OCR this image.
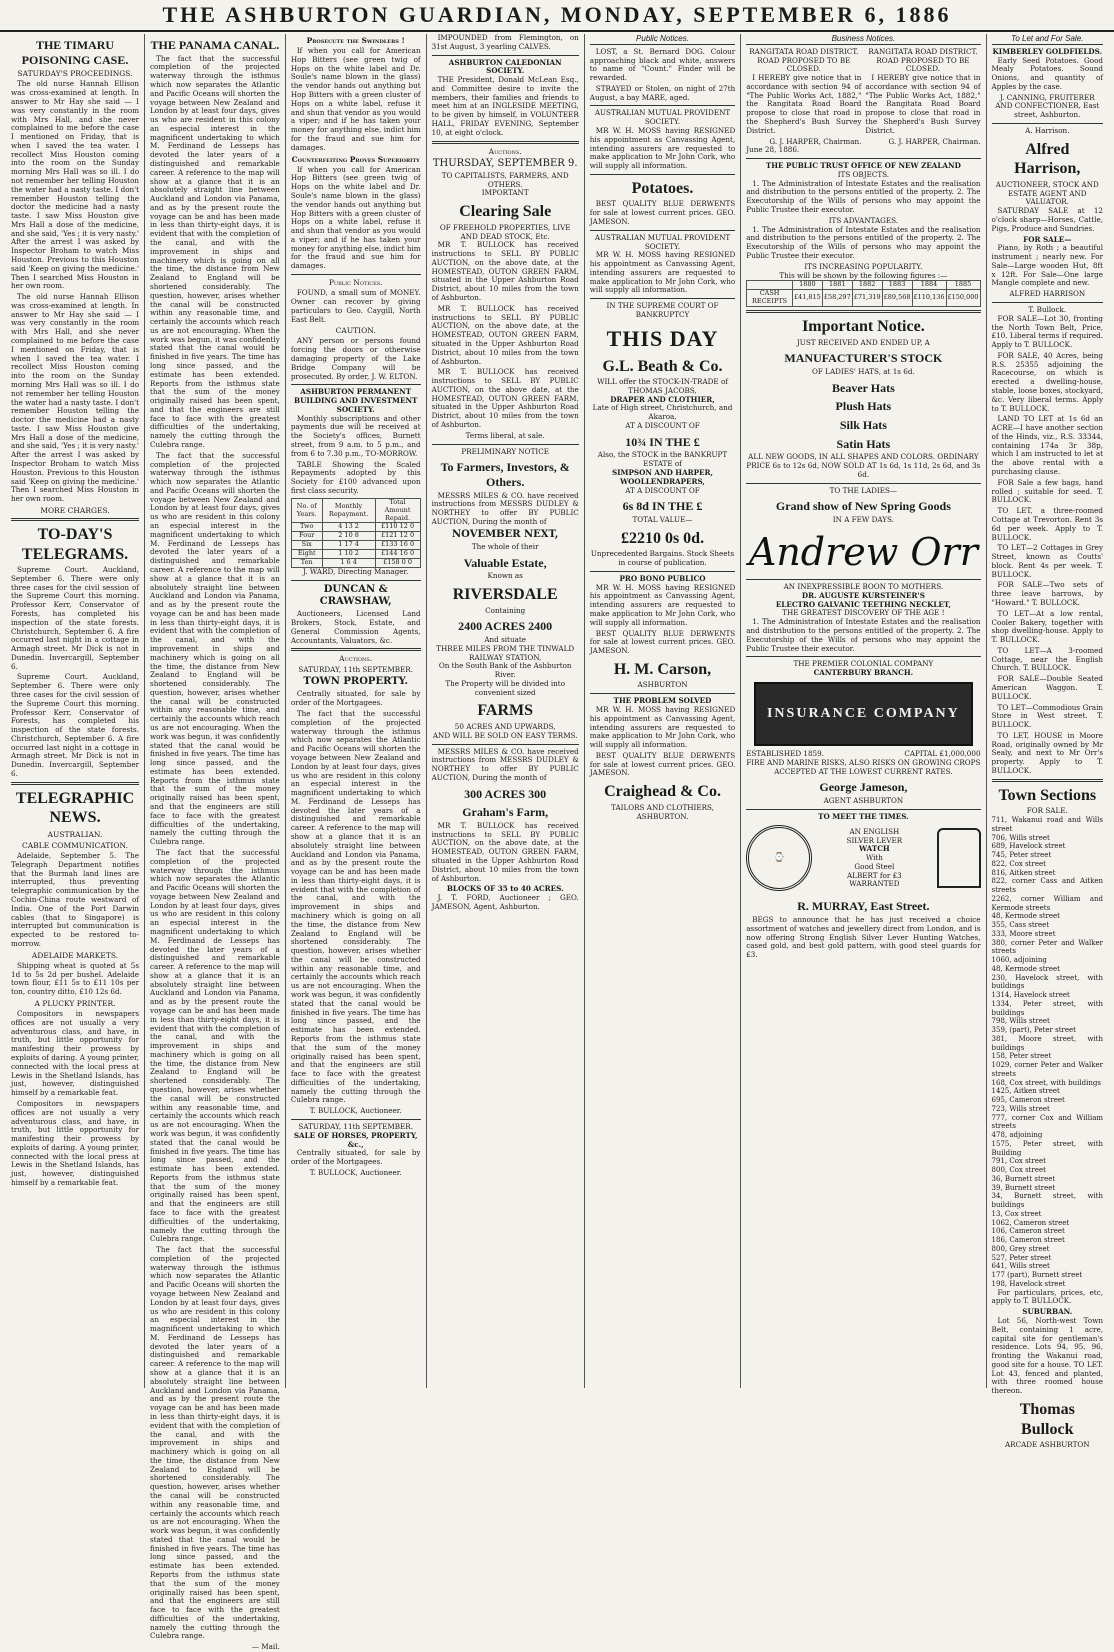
THE ASHBURTON GUARDIAN, MONDAY, SEPTEMBER 6, 1886
THE TIMARU POISONING CASE.
SATURDAY'S PROCEEDINGS.

The old nurse Hannah Ellison was cross-examined at length. In answer to Mr Hay she said — I was very constantly in the room with Mrs Hall, and she never complained to me before the case I mentioned on Friday, that is when I saved the tea water. I recollect Miss Houston coming into the room on the Sunday morning Mrs Hall was so ill. I do not remember her telling Houston the water had a nasty taste. I don't remember Houston telling the doctor the medicine had a nasty taste. I saw Miss Houston give Mrs Hall a dose of the medicine, and she said, 'Yes ; it is very nasty.' After the arrest I was asked by Inspector Broham to watch Miss Houston. Previous to this Houston said 'Keep on giving the medicine.' Then I searched Miss Houston in her own room.

The old nurse Hannah Ellison was cross-examined at length. In answer to Mr Hay she said — I was very constantly in the room with Mrs Hall, and she never complained to me before the case I mentioned on Friday, that is when I saved the tea water. I recollect Miss Houston coming into the room on the Sunday morning Mrs Hall was so ill. I do not remember her telling Houston the water had a nasty taste. I don't remember Houston telling the doctor the medicine had a nasty taste. I saw Miss Houston give Mrs Hall a dose of the medicine, and she said, 'Yes ; it is very nasty.' After the arrest I was asked by Inspector Broham to watch Miss Houston. Previous to this Houston said 'Keep on giving the medicine.' Then I searched Miss Houston in her own room.

MORE CHARGES.
TO-DAY'S TELEGRAMS.

Supreme Court. Auckland, September 6. There were only three cases for the civil session of the Supreme Court this morning. Professor Kerr, Conservator of Forests, has completed his inspection of the state forests. Christchurch, September 6. A fire occurred last night in a cottage in Armagh street. Mr Dick is not in Dunedin. Invercargill, September 6.

Supreme Court. Auckland, September 6. There were only three cases for the civil session of the Supreme Court this morning. Professor Kerr, Conservator of Forests, has completed his inspection of the state forests. Christchurch, September 6. A fire occurred last night in a cottage in Armagh street. Mr Dick is not in Dunedin. Invercargill, September 6.

TELEGRAPHIC NEWS.
AUSTRALIAN.
CABLE COMMUNICATION.

Adelaide, September 5. The Telegraph Department notifies that the Burmah land lines are interrupted, thus preventing telegraphic communication by the Cochin-China route westward of India. One of the Port Darwin cables (that to Singapore) is interrupted but communication is expected to be restored to-morrow.

ADELAIDE MARKETS.

Shipping wheat is quoted at 5s 1d to 5s 2d per bushel. Adelaide town flour, £11 5s to £11 10s per ton, country ditto, £10 12s 6d.

A PLUCKY PRINTER.

Compositors in newspapers offices are not usually a very adventurous class, and have, in truth, but little opportunity for manifesting their prowess by exploits of daring. A young printer, connected with the local press at Lewis in the Shetland Islands, has just, however, distinguished himself by a remarkable feat.

Compositors in newspapers offices are not usually a very adventurous class, and have, in truth, but little opportunity for manifesting their prowess by exploits of daring. A young printer, connected with the local press at Lewis in the Shetland Islands, has just, however, distinguished himself by a remarkable feat.

THE PANAMA CANAL.

The fact that the successful completion of the projected waterway through the isthmus which now separates the Atlantic and Pacific Oceans will shorten the voyage between New Zealand and London by at least four days, gives us who are resident in this colony an especial interest in the magnificent undertaking to which M. Ferdinand de Lesseps has devoted the later years of a distinguished and remarkable career. A reference to the map will show at a glance that it is an absolutely straight line between Auckland and London via Panama, and as by the present route the voyage can be and has been made in less than thirty-eight days, it is evident that with the completion of the canal, and with the improvement in ships and machinery which is going on all the time, the distance from New Zealand to England will be shortened considerably. The question, however, arises whether the canal will be constructed within any reasonable time, and certainly the accounts which reach us are not encouraging. When the work was begun, it was confidently stated that the canal would be finished in five years. The time has long since passed, and the estimate has been extended. Reports from the isthmus state that the sum of the money originally raised has been spent, and that the engineers are still face to face with the greatest difficulties of the undertaking, namely the cutting through the Culebra range.

The fact that the successful completion of the projected waterway through the isthmus which now separates the Atlantic and Pacific Oceans will shorten the voyage between New Zealand and London by at least four days, gives us who are resident in this colony an especial interest in the magnificent undertaking to which M. Ferdinand de Lesseps has devoted the later years of a distinguished and remarkable career. A reference to the map will show at a glance that it is an absolutely straight line between Auckland and London via Panama, and as by the present route the voyage can be and has been made in less than thirty-eight days, it is evident that with the completion of the canal, and with the improvement in ships and machinery which is going on all the time, the distance from New Zealand to England will be shortened considerably. The question, however, arises whether the canal will be constructed within any reasonable time, and certainly the accounts which reach us are not encouraging. When the work was begun, it was confidently stated that the canal would be finished in five years. The time has long since passed, and the estimate has been extended. Reports from the isthmus state that the sum of the money originally raised has been spent, and that the engineers are still face to face with the greatest difficulties of the undertaking, namely the cutting through the Culebra range.

The fact that the successful completion of the projected waterway through the isthmus which now separates the Atlantic and Pacific Oceans will shorten the voyage between New Zealand and London by at least four days, gives us who are resident in this colony an especial interest in the magnificent undertaking to which M. Ferdinand de Lesseps has devoted the later years of a distinguished and remarkable career. A reference to the map will show at a glance that it is an absolutely straight line between Auckland and London via Panama, and as by the present route the voyage can be and has been made in less than thirty-eight days, it is evident that with the completion of the canal, and with the improvement in ships and machinery which is going on all the time, the distance from New Zealand to England will be shortened considerably. The question, however, arises whether the canal will be constructed within any reasonable time, and certainly the accounts which reach us are not encouraging. When the work was begun, it was confidently stated that the canal would be finished in five years. The time has long since passed, and the estimate has been extended. Reports from the isthmus state that the sum of the money originally raised has been spent, and that the engineers are still face to face with the greatest difficulties of the undertaking, namely the cutting through the Culebra range.

The fact that the successful completion of the projected waterway through the isthmus which now separates the Atlantic and Pacific Oceans will shorten the voyage between New Zealand and London by at least four days, gives us who are resident in this colony an especial interest in the magnificent undertaking to which M. Ferdinand de Lesseps has devoted the later years of a distinguished and remarkable career. A reference to the map will show at a glance that it is an absolutely straight line between Auckland and London via Panama, and as by the present route the voyage can be and has been made in less than thirty-eight days, it is evident that with the completion of the canal, and with the improvement in ships and machinery which is going on all the time, the distance from New Zealand to England will be shortened considerably. The question, however, arises whether the canal will be constructed within any reasonable time, and certainly the accounts which reach us are not encouraging. When the work was begun, it was confidently stated that the canal would be finished in five years. The time has long since passed, and the estimate has been extended. Reports from the isthmus state that the sum of the money originally raised has been spent, and that the engineers are still face to face with the greatest difficulties of the undertaking, namely the cutting through the Culebra range.

— Mail.
Prosecute the Swindlers !

If when you call for American Hop Bitters (see green twig of Hops on the white label and Dr. Soule's name blown in the glass) the vendor hands out anything but Hop Bitters with a green cluster of Hops on a white label, refuse it and shun that vendor as you would a viper; and if he has taken your money for anything else, indict him for the fraud and sue him for damages.

Counterfeiting Proves Superiority

If when you call for American Hop Bitters (see green twig of Hops on the white label and Dr. Soule's name blown in the glass) the vendor hands out anything but Hop Bitters with a green cluster of Hops on a white label, refuse it and shun that vendor as you would a viper; and if he has taken your money for anything else, indict him for the fraud and sue him for damages.

Public Notices.

FOUND, a small sum of MONEY. Owner can recover by giving particulars to Geo. Caygill, North East Belt.

CAUTION.

ANY person or persons found forcing the doors or otherwise damaging property of the Lake Bridge Company will be prosecuted. By order, J. W. ELTON.

ASHBURTON PERMANENT BUILDING AND INVESTMENT SOCIETY.

Monthly subscriptions and other payments due will be received at the Society's offices, Burnett street, from 9 a.m. to 5 p.m., and from 6 to 7.30 p.m., TO-MORROW.

TABLE Showing the Scaled Repayments adopted by this Society for £100 advanced upon first class security.

No. of Years.	Monthly Repayment.	Total Amount Repaid.
Two	4 13 2	£110 12 0
Four	2 10 8	£121 12 0
Six	1 17 4	£133 16 0
Eight	1 10 2	£144 16 0
Ten	1 6 4	£158 0 0
J. WARD, Directing Manager.
DUNCAN & CRAWSHAW,

Auctioneers, Licensed Land Brokers, Stock, Estate, and General Commission Agents, Accountants, Valuators, &c.

Auctions.
SATURDAY, 11th SEPTEMBER.
TOWN PROPERTY.

Centrally situated, for sale by order of the Mortgagees.

The fact that the successful completion of the projected waterway through the isthmus which now separates the Atlantic and Pacific Oceans will shorten the voyage between New Zealand and London by at least four days, gives us who are resident in this colony an especial interest in the magnificent undertaking to which M. Ferdinand de Lesseps has devoted the later years of a distinguished and remarkable career. A reference to the map will show at a glance that it is an absolutely straight line between Auckland and London via Panama, and as by the present route the voyage can be and has been made in less than thirty-eight days, it is evident that with the completion of the canal, and with the improvement in ships and machinery which is going on all the time, the distance from New Zealand to England will be shortened considerably. The question, however, arises whether the canal will be constructed within any reasonable time, and certainly the accounts which reach us are not encouraging. When the work was begun, it was confidently stated that the canal would be finished in five years. The time has long since passed, and the estimate has been extended. Reports from the isthmus state that the sum of the money originally raised has been spent, and that the engineers are still face to face with the greatest difficulties of the undertaking, namely the cutting through the Culebra range.

T. BULLOCK, Auctioneer.
SATURDAY, 11th SEPTEMBER.
SALE OF HORSES, PROPERTY, &c.,

Centrally situated, for sale by order of the Mortgagees.

T. BULLOCK, Auctioneer.

IMPOUNDED from Flemington, on 31st August, 3 yearling CALVES.

ASHBURTON CALEDONIAN SOCIETY.

THE President, Donald McLean Esq., and Committee desire to invite the members, their families and friends to meet him at an INGLESIDE MEETING, to be given by himself, in VOLUNTEER HALL, FRIDAY EVENING, September 10, at eight o'clock.

Auctions.
THURSDAY, SEPTEMBER 9.
TO CAPITALISTS, FARMERS, AND OTHERS.
IMPORTANT
Clearing Sale
OF FREEHOLD PROPERTIES, LIVE AND DEAD STOCK, Etc.

MR T. BULLOCK has received instructions to SELL BY PUBLIC AUCTION, on the above date, at the HOMESTEAD, OUTON GREEN FARM, situated in the Upper Ashburton Road District, about 10 miles from the town of Ashburton.

MR T. BULLOCK has received instructions to SELL BY PUBLIC AUCTION, on the above date, at the HOMESTEAD, OUTON GREEN FARM, situated in the Upper Ashburton Road District, about 10 miles from the town of Ashburton.

MR T. BULLOCK has received instructions to SELL BY PUBLIC AUCTION, on the above date, at the HOMESTEAD, OUTON GREEN FARM, situated in the Upper Ashburton Road District, about 10 miles from the town of Ashburton.

Terms liberal, at sale.
PRELIMINARY NOTICE
To Farmers, Investors, & Others.

MESSRS MILES & CO. have received instructions from MESSRS DUDLEY & NORTHEY to offer BY PUBLIC AUCTION, During the month of

NOVEMBER NEXT,
The whole of their
Valuable Estate,
Known as
RIVERSDALE
Containing
2400 ACRES 2400
And situate
THREE MILES FROM THE TINWALD RAILWAY STATION,
On the South Bank of the Ashburton River.
The Property will be divided into convenient sized
FARMS
50 ACRES AND UPWARDS,
AND WILL BE SOLD ON EASY TERMS.

MESSRS MILES & CO. have received instructions from MESSRS DUDLEY & NORTHEY to offer BY PUBLIC AUCTION, During the month of

300 ACRES 300
Graham's Farm,

MR T. BULLOCK has received instructions to SELL BY PUBLIC AUCTION, on the above date, at the HOMESTEAD, OUTON GREEN FARM, situated in the Upper Ashburton Road District, about 10 miles from the town of Ashburton.

BLOCKS OF 35 to 40 ACRES.

J. T. FORD, Auctioneer ; GEO. JAMESON, Agent, Ashburton.

Public Notices.

LOST, a St. Bernard DOG. Colour approaching black and white, answers to name of "Count." Finder will be rewarded.

STRAYED or Stolen, on night of 27th August, a bay MARE, aged.

AUSTRALIAN MUTUAL PROVIDENT SOCIETY.

MR W. H. MOSS having RESIGNED his appointment as Canvassing Agent, intending assurers are requested to make application to Mr John Cork, who will supply all information.

Potatoes.

BEST QUALITY BLUE DERWENTS for sale at lowest current prices. GEO. JAMESON.

AUSTRALIAN MUTUAL PROVIDENT SOCIETY.

MR W. H. MOSS having RESIGNED his appointment as Canvassing Agent, intending assurers are requested to make application to Mr John Cork, who will supply all information.

IN THE SUPREME COURT OF BANKRUPTCY
THIS DAY
G.L. Beath & Co.
WILL offer the STOCK-IN-TRADE of
THOMAS JACOBS,
DRAPER AND CLOTHIER,
Late of High street, Christchurch, and Akaroa,
AT A DISCOUNT OF
10¾ IN THE £
Also, the STOCK in the BANKRUPT ESTATE of
SIMPSON AND HARPER, WOOLLENDRAPERS,
AT A DISCOUNT OF
6s 8d IN THE £
TOTAL VALUE—
£2210 0s 0d.
Unprecedented Bargains. Stock Sheets in course of publication.
PRO BONO PUBLICO

MR W. H. MOSS having RESIGNED his appointment as Canvassing Agent, intending assurers are requested to make application to Mr John Cork, who will supply all information.

BEST QUALITY BLUE DERWENTS for sale at lowest current prices. GEO. JAMESON.

H. M. Carson,
ASHBURTON
THE PROBLEM SOLVED

MR W. H. MOSS having RESIGNED his appointment as Canvassing Agent, intending assurers are requested to make application to Mr John Cork, who will supply all information.

BEST QUALITY BLUE DERWENTS for sale at lowest current prices. GEO. JAMESON.

Craighead & Co.
TAILORS AND CLOTHIERS, ASHBURTON.
Business Notices.
RANGITATA ROAD DISTRICT.
ROAD PROPOSED TO BE CLOSED.

I HEREBY give notice that in accordance with section 94 of "The Public Works Act, 1882," the Rangitata Road Board propose to close that road in the Shepherd's Bush Survey District.

G. J. HARPER, Chairman.
June 28, 1886.
RANGITATA ROAD DISTRICT.
ROAD PROPOSED TO BE CLOSED.

I HEREBY give notice that in accordance with section 94 of "The Public Works Act, 1882," the Rangitata Road Board propose to close that road in the Shepherd's Bush Survey District.

G. J. HARPER, Chairman.
THE PUBLIC TRUST OFFICE OF NEW ZEALAND
ITS OBJECTS.

1. The Administration of Intestate Estates and the realisation and distribution to the persons entitled of the property. 2. The Executorship of the Wills of persons who may appoint the Public Trustee their executor.

ITS ADVANTAGES.

1. The Administration of Intestate Estates and the realisation and distribution to the persons entitled of the property. 2. The Executorship of the Wills of persons who may appoint the Public Trustee their executor.

ITS INCREASING POPULARITY.
This will be shown by the following figures :—
	1880	1881	1882	1883	1884	1885
CASH RECEIPTS	£41,815	£58,297	£71,319	£89,568	£110,136	£150,000
Important Notice.
JUST RECEIVED AND ENDED UP, A
MANUFACTURER'S STOCK
OF LADIES' HATS, at 1s 6d.
Beaver Hats
Plush Hats
Silk Hats
Satin Hats
ALL NEW GOODS, IN ALL SHAPES AND COLORS. ORDINARY PRICE 6s to 12s 6d, NOW SOLD AT 1s 6d, 1s 11d, 2s 6d, and 3s 6d.
TO THE LADIES—
Grand show of New Spring Goods
IN A FEW DAYS.
Andrew Orr
AN INEXPRESSIBLE BOON TO MOTHERS.
DR. AUGUSTE KURSTEINER'S
ELECTRO GALVANIC TEETHING NECKLET,
THE GREATEST DISCOVERY OF THE AGE !

1. The Administration of Intestate Estates and the realisation and distribution to the persons entitled of the property. 2. The Executorship of the Wills of persons who may appoint the Public Trustee their executor.

THE PREMIER COLONIAL COMPANY
CANTERBURY BRANCH.
INSURANCE COMPANY
ESTABLISHED 1859.	CAPITAL £1,000,000
FIRE AND MARINE RISKS, ALSO RISKS ON GROWING CROPS ACCEPTED AT THE LOWEST CURRENT RATES.
George Jameson,
AGENT ASHBURTON
TO MEET THE TIMES.
⌚
AN ENGLISH
SILVER LEVER
WATCH
With
Good Steel
ALBERT for £3
WARRANTED
R. MURRAY, East Street.

BEGS to announce that he has just received a choice assortment of watches and jewellery direct from London, and is now offering Strong English Silver Lever Hunting Watches, cased gold, and best gold pattern, with good steel guards for £3.

To Let and For Sale.
KIMBERLEY GOLDFIELDS.

Early Seed Potatoes. Good Mealy Potatoes. Sound Onions, and quantity of Apples by the case.

J. CANNING, FRUITERER AND CONFECTIONER, East street, Ashburton.
A. Harrison.
Alfred Harrison,
AUCTIONEER, STOCK AND ESTATE AGENT AND VALUATOR.

SATURDAY SALE at 12 o'clock sharp—Horses, Cattle, Pigs, Produce and Sundries.

FOR SALE—

Piano, by Roth ; a beautiful instrument ; nearly new. For Sale—Large wooden Hut, 8ft x 12ft. For Sale—One large Mangle complete and new.

ALFRED HARRISON
T. Bullock.

FOR SALE—Lot 30, fronting the North Town Belt, Price, £10. Liberal terms if required. Apply to T. BULLOCK.

FOR SALE, 40 Acres, being R.S. 25355 adjoining the Racecourse, on which is erected a dwelling-house, stable, loose boxes, stockyard, &c. Very liberal terms. Apply to T. BULLOCK.

LAND TO LET at 1s 6d an ACRE—I have another section of the Hinds, viz., R.S. 33344, containing 174a 3r 38p, which I am instructed to let at the above rental with a purchasing clause.

FOR Sale a few bags, hand rolled ; suitable for seed. T. BULLOCK.

TO LET, a three-roomed Cottage at Trevorton. Rent 3s 6d per week. Apply to T. BULLOCK.

TO LET—2 Cottages in Grey Street, known as Coutts' block. Rent 4s per week. T. BULLOCK.

FOR SALE—Two sets of three leave harrows, by "Howard." T. BULLOCK.

TO LET—At a low rental, Cooler Bakery, together with shop dwelling-house. Apply to T. BULLOCK.

TO LET—A 3-roomed Cottage, near the English Church. T. BULLOCK.

FOR SALE—Double Seated American Waggon. T. BULLOCK.

TO LET—Commodious Grain Store in West street. T. BULLOCK.

TO LET, HOUSE in Moore Road, originally owned by Mr Sealy, and next to Mr Orr's property. Apply to T. BULLOCK.

Town Sections
FOR SALE.
711, Wakanui road and Wills street
706, Wills street
689, Havelock street
745, Peter street
822, Cox street
816, Aitken street
822, corner Cass and Aitken streets
2262, corner William and Kermode streets
48, Kermode street
355, Cass street
333, Moore street
380, corner Peter and Walker streets
1060, adjoining
48, Kermode street
230, Havelock street, with buildings
1314, Havelock street
1334, Peter street, with buildings
798, Wills street
359, (part), Peter street
381, Moore street, with buildings
158, Peter street
1029, corner Peter and Walker streets
168, Cox street, with buildings
1425, Aitken street
695, Cameron street
723, Wills street
777, corner Cox and William streets
478, adjoining
1575, Peter street, with Building
791, Cox street
800, Cox street
36, Burnett street
39, Burnett street
34, Burnett street, with buildings
13, Cox street
1062, Cameron street
106, Cameron street
186, Cameron street
800, Grey street
527, Peter street
641, Wills street
177 (part), Burnett street
198, Havelock street

For particulars, prices, etc, apply to T. BULLOCK.

SUBURBAN.

Lot 56, North-west Town Belt, containing 1 acre, capital site for gentleman's residence. Lots 94, 95, 96, fronting the Wakanui road, good site for a house. TO LET. Lot 43, fenced and planted, with three roomed house thereon.

Thomas Bullock
ARCADE ASHBURTON
